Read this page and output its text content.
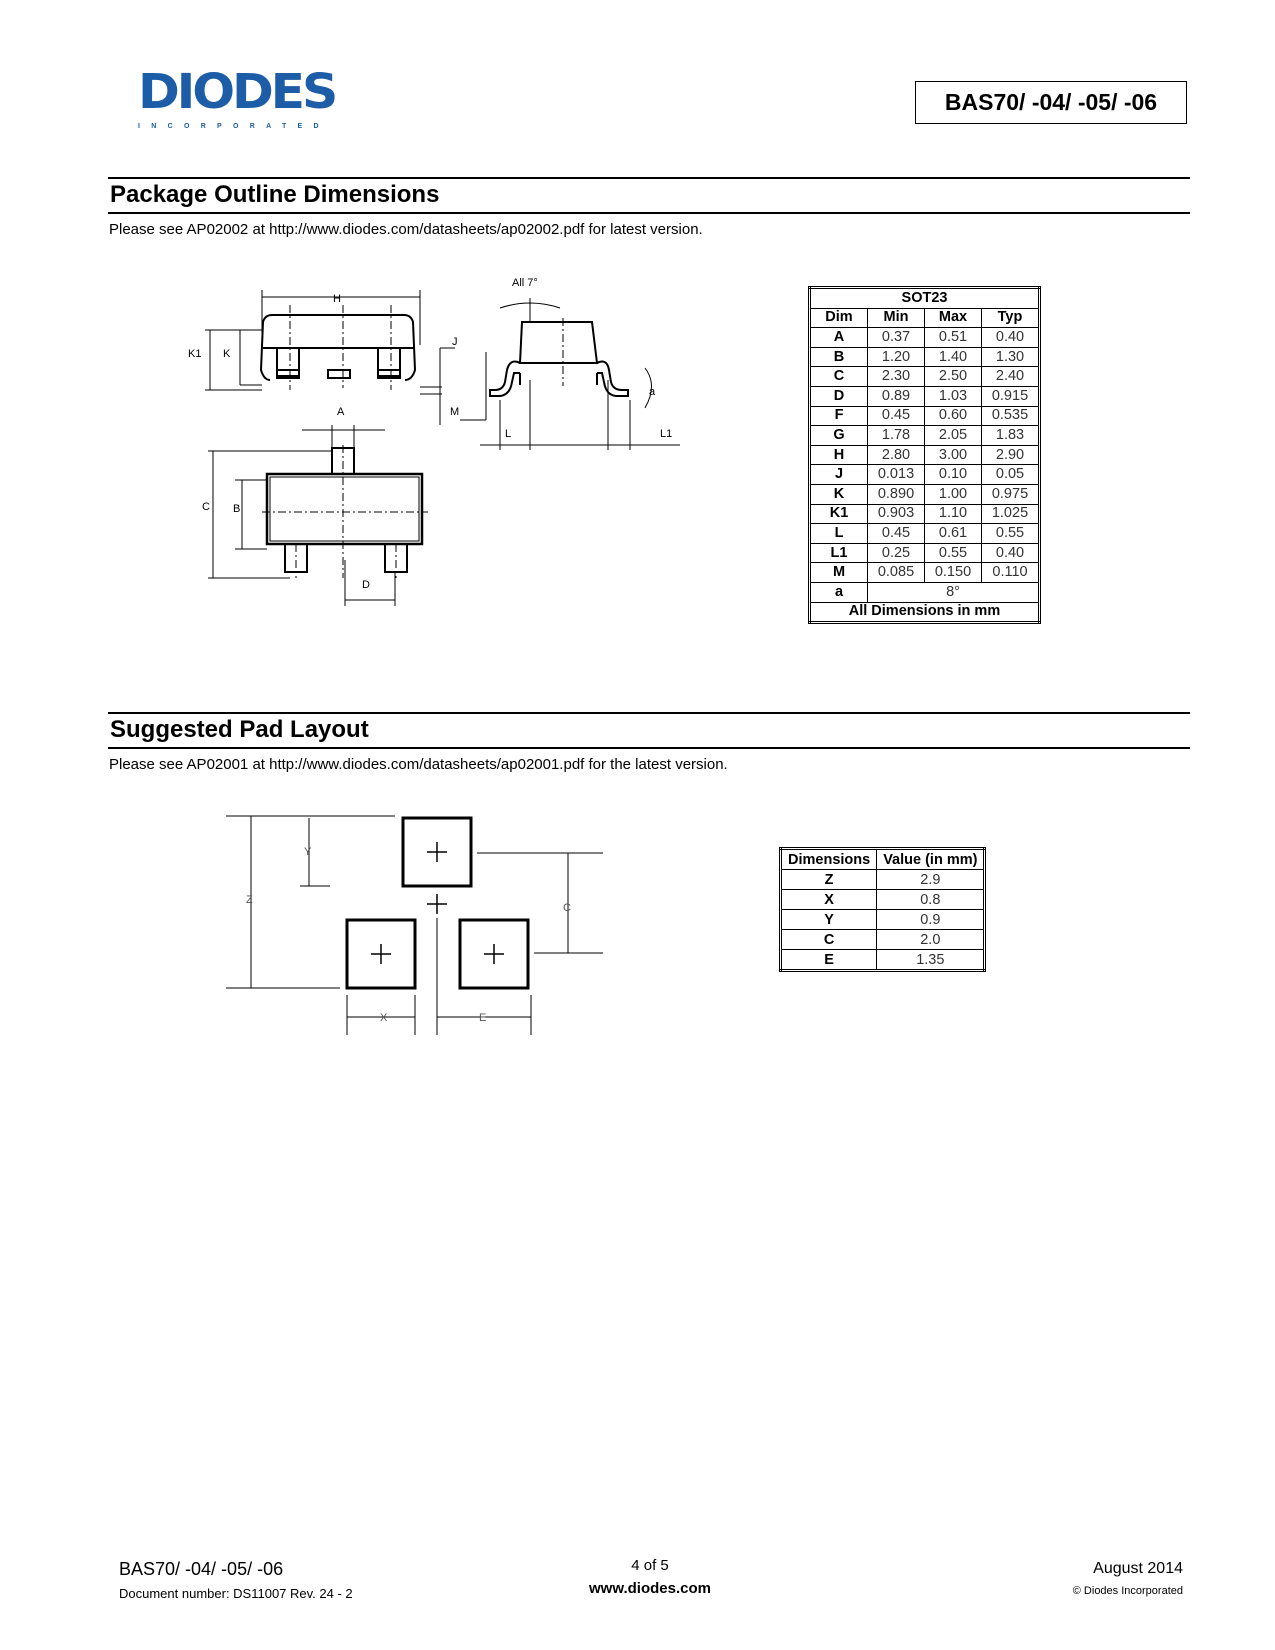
DIODES
INCORPORATED
BAS70/ -04/ -05/ -06
Package Outline Dimensions
Please see AP02002 at http://www.diodes.com/datasheets/ap02002.pdf for latest version.
H
K1 K
J
M
A
C B
D
L	L1
All 7°
a
SOT23			
Dim	Min	Max	Typ
A	0.37	0.51	0.40
B	1.20	1.40	1.30
C	2.30	2.50	2.40
D	0.89	1.03	0.915
F	0.45	0.60	0.535
G	1.78	2.05	1.83
H	2.80	3.00	2.90
J	0.013	0.10	0.05
K	0.890	1.00	0.975
K1	0.903	1.10	1.025
L	0.45	0.61	0.55
L1	0.25	0.55	0.40
M	0.085	0.150	0.110
a	8°		
All Dimensions in mm			
Suggested Pad Layout
Please see AP02001 at http://www.diodes.com/datasheets/ap02001.pdf for the latest version.
Y
Z
C
X	E
Dimensions	Value (in mm)
Z	2.9
X	0.8
Y	0.9
C	2.0
E	1.35
BAS70/ -04/ -05/ -06
Document number: DS11007 Rev. 24 - 2
4 of 5
www.diodes.com
August 2014
© Diodes Incorporated
